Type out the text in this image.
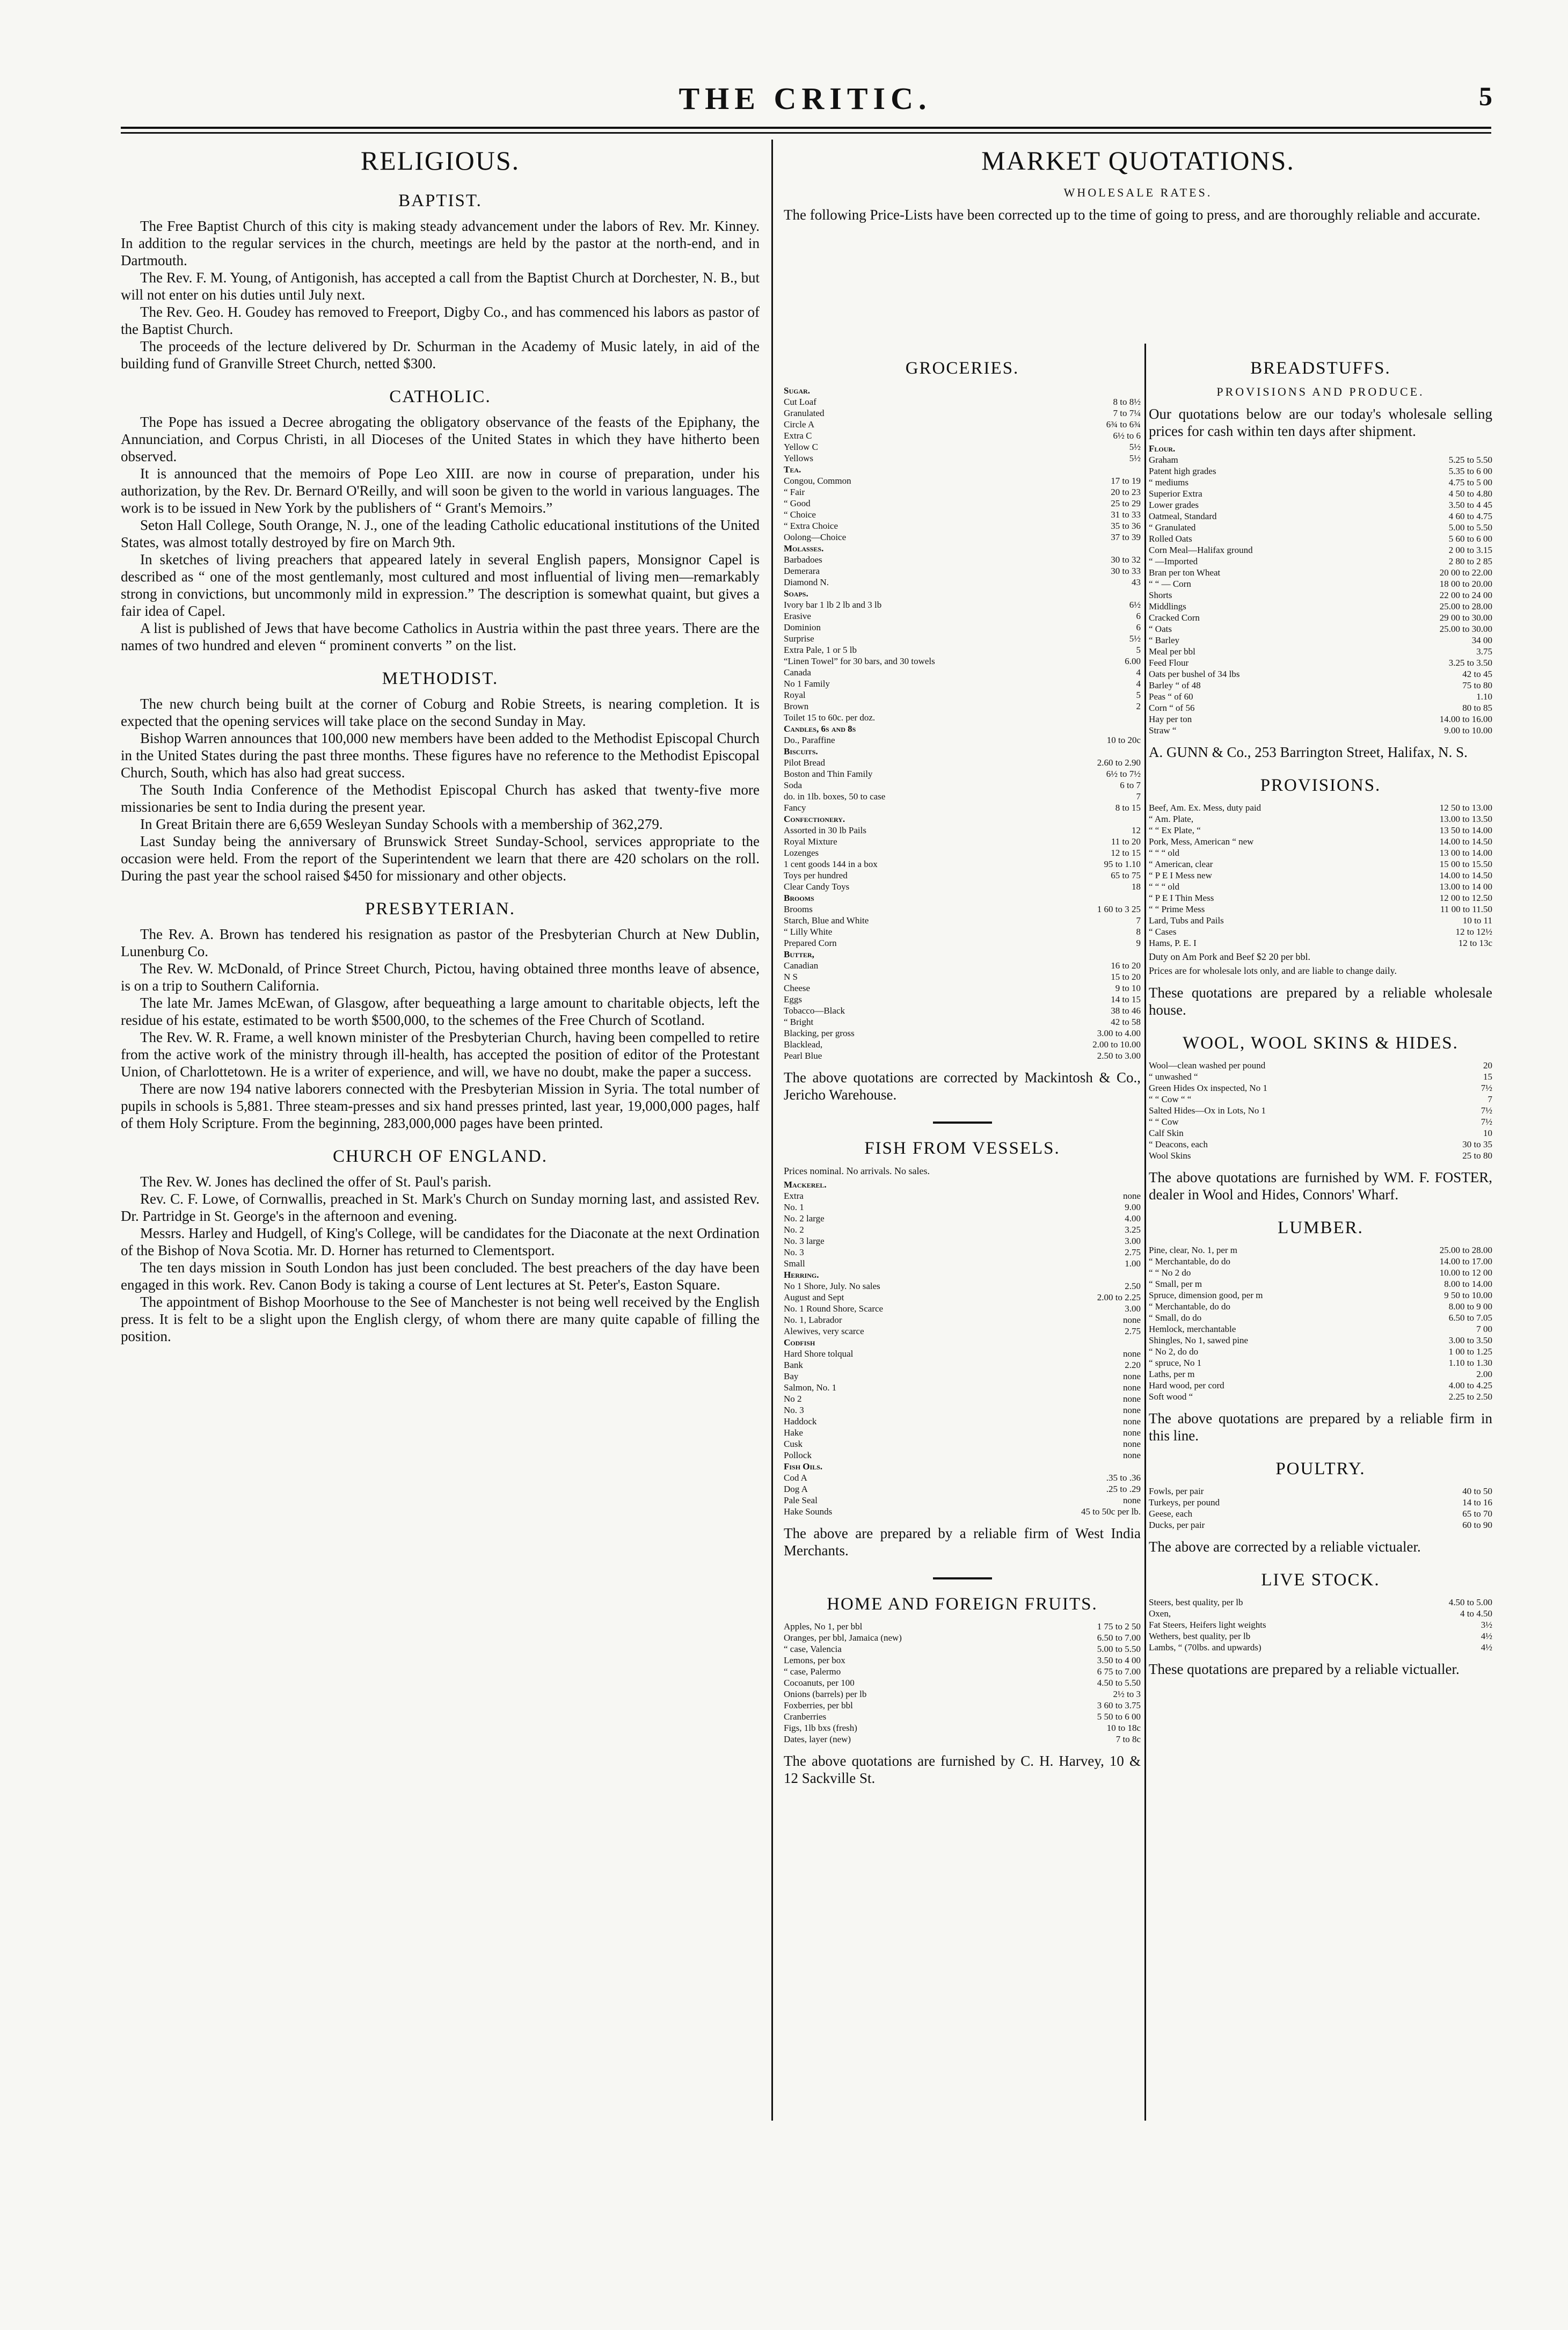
THE CRITIC.	5
RELIGIOUS.
BAPTIST.

The Free Baptist Church of this city is making steady advancement under the labors of Rev. Mr. Kinney. In addition to the regular services in the church, meetings are held by the pastor at the north-end, and in Dartmouth.

The Rev. F. M. Young, of Antigonish, has accepted a call from the Baptist Church at Dorchester, N. B., but will not enter on his duties until July next.

The Rev. Geo. H. Goudey has removed to Freeport, Digby Co., and has commenced his labors as pastor of the Baptist Church.

The proceeds of the lecture delivered by Dr. Schurman in the Academy of Music lately, in aid of the building fund of Granville Street Church, netted $300.

CATHOLIC.

The Pope has issued a Decree abrogating the obligatory observance of the feasts of the Epiphany, the Annunciation, and Corpus Christi, in all Dioceses of the United States in which they have hitherto been observed.

It is announced that the memoirs of Pope Leo XIII. are now in course of preparation, under his authorization, by the Rev. Dr. Bernard O'Reilly, and will soon be given to the world in various languages. The work is to be issued in New York by the publishers of “ Grant's Memoirs.”

Seton Hall College, South Orange, N. J., one of the leading Catholic educational institutions of the United States, was almost totally destroyed by fire on March 9th.

In sketches of living preachers that appeared lately in several English papers, Monsignor Capel is described as “ one of the most gentlemanly, most cultured and most influential of living men—remarkably strong in convictions, but uncommonly mild in expression.” The description is somewhat quaint, but gives a fair idea of Capel.

A list is published of Jews that have become Catholics in Austria within the past three years. There are the names of two hundred and eleven “ prominent converts ” on the list.

METHODIST.

The new church being built at the corner of Coburg and Robie Streets, is nearing completion. It is expected that the opening services will take place on the second Sunday in May.

Bishop Warren announces that 100,000 new members have been added to the Methodist Episcopal Church in the United States during the past three months. These figures have no reference to the Methodist Episcopal Church, South, which has also had great success.

The South India Conference of the Methodist Episcopal Church has asked that twenty-five more missionaries be sent to India during the present year.

In Great Britain there are 6,659 Wesleyan Sunday Schools with a membership of 362,279.

Last Sunday being the anniversary of Brunswick Street Sunday-School, services appropriate to the occasion were held. From the report of the Superintendent we learn that there are 420 scholars on the roll. During the past year the school raised $450 for missionary and other objects.

PRESBYTERIAN.

The Rev. A. Brown has tendered his resignation as pastor of the Presbyterian Church at New Dublin, Lunenburg Co.

The Rev. W. McDonald, of Prince Street Church, Pictou, having obtained three months leave of absence, is on a trip to Southern California.

The late Mr. James McEwan, of Glasgow, after bequeathing a large amount to charitable objects, left the residue of his estate, estimated to be worth $500,000, to the schemes of the Free Church of Scotland.

The Rev. W. R. Frame, a well known minister of the Presbyterian Church, having been compelled to retire from the active work of the ministry through ill-health, has accepted the position of editor of the Protestant Union, of Charlottetown. He is a writer of experience, and will, we have no doubt, make the paper a success.

There are now 194 native laborers connected with the Presbyterian Mission in Syria. The total number of pupils in schools is 5,881. Three steam-presses and six hand presses printed, last year, 19,000,000 pages, half of them Holy Scripture. From the beginning, 283,000,000 pages have been printed.

CHURCH OF ENGLAND.

The Rev. W. Jones has declined the offer of St. Paul's parish.

Rev. C. F. Lowe, of Cornwallis, preached in St. Mark's Church on Sunday morning last, and assisted Rev. Dr. Partridge in St. George's in the afternoon and evening.

Messrs. Harley and Hudgell, of King's College, will be candidates for the Diaconate at the next Ordination of the Bishop of Nova Scotia. Mr. D. Horner has returned to Clementsport.

The ten days mission in South London has just been concluded. The best preachers of the day have been engaged in this work. Rev. Canon Body is taking a course of Lent lectures at St. Peter's, Easton Square.

The appointment of Bishop Moorhouse to the See of Manchester is not being well received by the English press. It is felt to be a slight upon the English clergy, of whom there are many quite capable of filling the position.

GROCERIES.
Sugar.
Cut Loaf	8 to 8½
Granulated	7 to 7¼
Circle A	6¾ to 6¾
Extra C	6½ to 6
Yellow C	5½
Yellows	5½
Tea.
Congou, Common	17 to 19
“ Fair	20 to 23
“ Good	25 to 29
“ Choice	31 to 33
“ Extra Choice	35 to 36
Oolong—Choice	37 to 39
Molasses.
Barbadoes	30 to 32
Demerara	30 to 33
Diamond N.	43
Soaps.
Ivory bar 1 lb 2 lb and 3 lb	6½
Erasive	6
Dominion	6
Surprise	5½
Extra Pale, 1 or 5 lb	5
“Linen Towel” for 30 bars, and 30 towels	6.00
Canada	4
No 1 Family	4
Royal	5
Brown	2
Toilet 15 to 60c. per doz.
Candles, 6s and 8s
Do., Paraffine	10 to 20c
Biscuits.
Pilot Bread	2.60 to 2.90
Boston and Thin Family	6½ to 7½
Soda	6 to 7
do. in 1lb. boxes, 50 to case	7
Fancy	8 to 15
Confectionery.
Assorted in 30 lb Pails	12
Royal Mixture	11 to 20
Lozenges	12 to 15
1 cent goods 144 in a box	95 to 1.10
Toys per hundred	65 to 75
Clear Candy Toys	18
Brooms
Brooms	1 60 to 3 25
Starch, Blue and White	7
“ Lilly White	8
Prepared Corn	9
Butter,
Canadian	16 to 20
N S	15 to 20
Cheese	9 to 10
Eggs	14 to 15
Tobacco—Black	38 to 46
“ Bright	42 to 58
Blacking, per gross	3.00 to 4.00
Blacklead,	2.00 to 10.00
Pearl Blue	2.50 to 3.00

The above quotations are corrected by Mackintosh & Co., Jericho Warehouse.

FISH FROM VESSELS.
Prices nominal. No arrivals. No sales.
Mackerel.
Extra	none
No. 1	9.00
No. 2 large	4.00
No. 2	3.25
No. 3 large	3.00
No. 3	2.75
Small	1.00
Herring.
No 1 Shore, July. No sales	2.50
August and Sept	2.00 to 2.25
No. 1 Round Shore, Scarce	3.00
No. 1, Labrador	none
Alewives, very scarce	2.75
Codfish
Hard Shore tolqual	none
Bank	2.20
Bay	none
Salmon, No. 1	none
No 2	none
No. 3	none
Haddock	none
Hake	none
Cusk	none
Pollock	none
Fish Oils.
Cod A	.35 to .36
Dog A	.25 to .29
Pale Seal	none
Hake Sounds	45 to 50c per lb.

The above are prepared by a reliable firm of West India Merchants.

HOME AND FOREIGN FRUITS.
Apples, No 1, per bbl	1 75 to 2 50
Oranges, per bbl, Jamaica (new)	6.50 to 7.00
“ case, Valencia	5.00 to 5.50
Lemons, per box	3.50 to 4 00
“ case, Palermo	6 75 to 7.00
Cocoanuts, per 100	4.50 to 5.50
Onions (barrels) per lb	2½ to 3
Foxberries, per bbl	3 60 to 3.75
Cranberries	5 50 to 6 00
Figs, 1lb bxs (fresh)	10 to 18c
Dates, layer (new)	7 to 8c

The above quotations are furnished by C. H. Harvey, 10 & 12 Sackville St.

BREADSTUFFS.
PROVISIONS AND PRODUCE.

Our quotations below are our today's wholesale selling prices for cash within ten days after shipment.

Flour.
Graham	5.25 to 5.50
Patent high grades	5.35 to 6 00
“ mediums	4.75 to 5 00
Superior Extra	4 50 to 4.80
Lower grades	3.50 to 4 45
Oatmeal, Standard	4 60 to 4.75
“ Granulated	5.00 to 5.50
Rolled Oats	5 60 to 6 00
Corn Meal—Halifax ground	2 00 to 3.15
“ —Imported	2 80 to 2 85
Bran per ton Wheat	20 00 to 22.00
“ “ — Corn	18 00 to 20.00
Shorts	22 00 to 24 00
Middlings	25.00 to 28.00
Cracked Corn	29 00 to 30.00
“ Oats	25.00 to 30.00
“ Barley	34 00
Meal per bbl	3.75
Feed Flour	3.25 to 3.50
Oats per bushel of 34 lbs	42 to 45
Barley “ of 48	75 to 80
Peas “ of 60	1.10
Corn “ of 56	80 to 85
Hay per ton	14.00 to 16.00
Straw “	9.00 to 10.00

A. GUNN & Co., 253 Barrington Street, Halifax, N. S.

PROVISIONS.
Beef, Am. Ex. Mess, duty paid	12 50 to 13.00
“ Am. Plate,	13.00 to 13.50
“ “ Ex Plate, “	13 50 to 14.00
Pork, Mess, American “ new	14.00 to 14.50
“ “ “ old	13 00 to 14.00
“ American, clear	15 00 to 15.50
“ P E I Mess new	14.00 to 14.50
“ “ “ old	13.00 to 14 00
“ P E I Thin Mess	12 00 to 12.50
“ “ Prime Mess	11 00 to 11.50
Lard, Tubs and Pails	10 to 11
“ Cases	12 to 12½
Hams, P. E. I	12 to 13c
Duty on Am Pork and Beef $2 20 per bbl.
Prices are for wholesale lots only, and are liable to change daily.

These quotations are prepared by a reliable wholesale house.

WOOL, WOOL SKINS & HIDES.
Wool—clean washed per pound	20
“ unwashed “	15
Green Hides Ox inspected, No 1	7½
“ “ Cow “ “	7
Salted Hides—Ox in Lots, No 1	7½
“ “ Cow	7½
Calf Skin	10
“ Deacons, each	30 to 35
Wool Skins	25 to 80

The above quotations are furnished by WM. F. FOSTER, dealer in Wool and Hides, Connors' Wharf.

LUMBER.
Pine, clear, No. 1, per m	25.00 to 28.00
“ Merchantable, do do	14.00 to 17.00
“ “ No 2 do	10.00 to 12 00
“ Small, per m	8.00 to 14.00
Spruce, dimension good, per m	9 50 to 10.00
“ Merchantable, do do	8.00 to 9 00
“ Small, do do	6.50 to 7.05
Hemlock, merchantable	7 00
Shingles, No 1, sawed pine	3.00 to 3.50
“ No 2, do do	1 00 to 1.25
“ spruce, No 1	1.10 to 1.30
Laths, per m	2.00
Hard wood, per cord	4.00 to 4.25
Soft wood “	2.25 to 2.50

The above quotations are prepared by a reliable firm in this line.

POULTRY.
Fowls, per pair	40 to 50
Turkeys, per pound	14 to 16
Geese, each	65 to 70
Ducks, per pair	60 to 90

The above are corrected by a reliable victualer.

LIVE STOCK.
Steers, best quality, per lb	4.50 to 5.00
Oxen,	4 to 4.50
Fat Steers, Heifers light weights	3½
Wethers, best quality, per lb	4½
Lambs, “ (70lbs. and upwards)	4½

These quotations are prepared by a reliable victualler.

MARKET QUOTATIONS.
WHOLESALE RATES.

The following Price-Lists have been corrected up to the time of going to press, and are thoroughly reliable and accurate.
